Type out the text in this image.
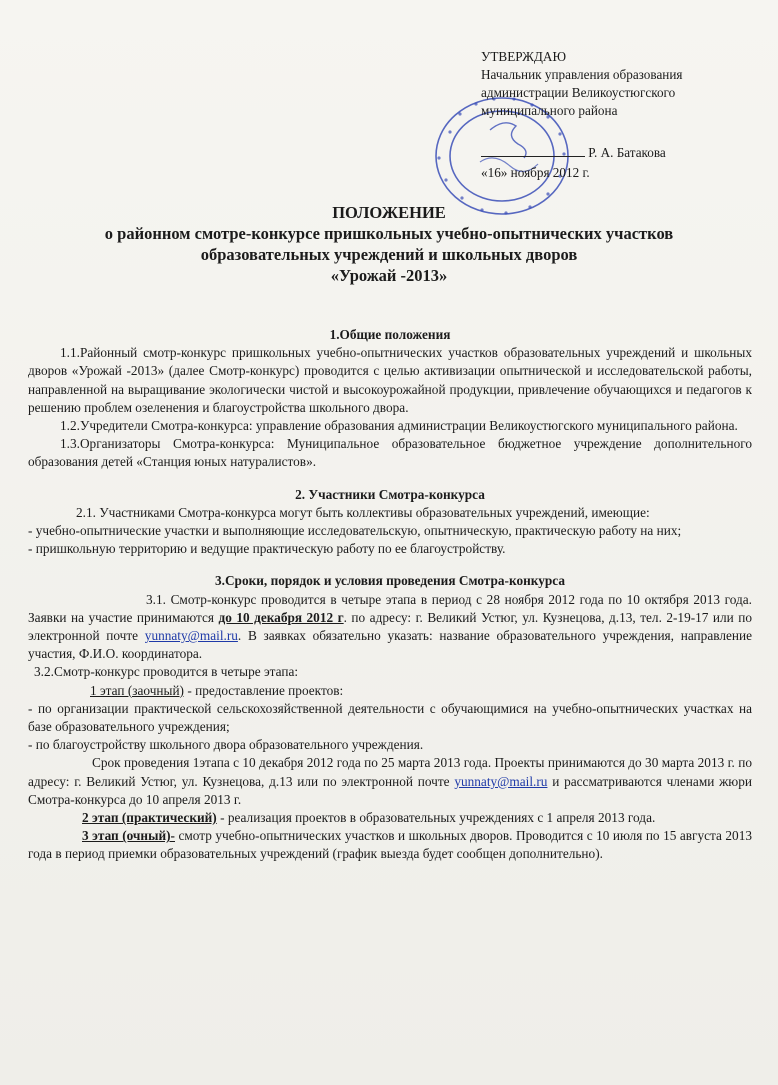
УТВЕРЖДАЮ
Начальник управления образования
администрации Великоустюгского
муниципального района
Р. А. Батакова
«16» ноября 2012 г.
ПОЛОЖЕНИЕ
о районном смотре-конкурсе пришкольных учебно-опытнических участков
образовательных учреждений и школьных дворов
«Урожай -2013»

1.Общие положения

1.1.Районный смотр-конкурс пришкольных учебно-опытнических участков образовательных учреждений и школьных дворов «Урожай -2013» (далее Смотр-конкурс) проводится с целью активизации опытнической и исследовательской работы, направленной на выращивание экологически чистой и высокоурожайной продукции, привлечение обучающихся и педагогов к решению проблем озеленения и благоустройства школьного двора.

1.2.Учредители Смотра-конкурса: управление образования администрации Великоустюгского муниципального района.

1.3.Организаторы Смотра-конкурса: Муниципальное образовательное бюджетное учреждение дополнительного образования детей «Станция юных натуралистов».

2. Участники Смотра-конкурса

2.1. Участниками Смотра-конкурса могут быть коллективы образовательных учреждений, имеющие:

- учебно-опытнические участки и выполняющие исследовательскую, опытническую, практическую работу на них;

- пришкольную территорию и ведущие практическую работу по ее благоустройству.

3.Сроки, порядок и условия проведения Смотра-конкурса

3.1. Смотр-конкурс проводится в четыре этапа в период с 28 ноября 2012 года по 10 октября 2013 года. Заявки на участие принимаются до 10 декабря 2012 г. по адресу: г. Великий Устюг, ул. Кузнецова, д.13, тел. 2-19-17 или по электронной почте yunnaty@mail.ru. В заявках обязательно указать: название образовательного учреждения, направление участия, Ф.И.О. координатора.

3.2.Смотр-конкурс проводится в четыре этапа:

1 этап (заочный) - предоставление проектов:

- по организации практической сельскохозяйственной деятельности с обучающимися на учебно-опытнических участках на базе образовательного учреждения;

- по благоустройству школьного двора образовательного учреждения.

Срок проведения 1этапа с 10 декабря 2012 года по 25 марта 2013 года. Проекты принимаются до 30 марта 2013 г. по адресу: г. Великий Устюг, ул. Кузнецова, д.13 или по электронной почте yunnaty@mail.ru и рассматриваются членами жюри Смотра-конкурса до 10 апреля 2013 г.

2 этап (практический) - реализация проектов в образовательных учреждениях с 1 апреля 2013 года.

3 этап (очный)- смотр учебно-опытнических участков и школьных дворов. Проводится с 10 июля по 15 августа 2013 года в период приемки образовательных учреждений (график выезда будет сообщен дополнительно).
